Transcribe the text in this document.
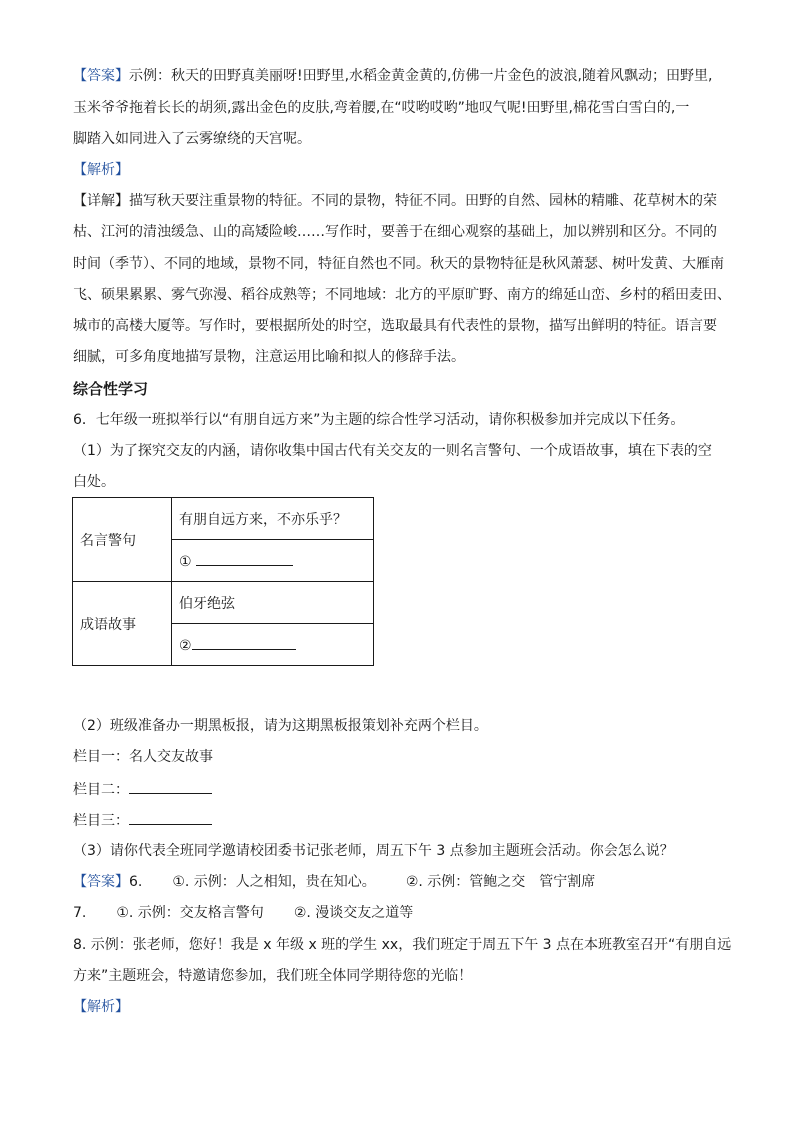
【答案】示例：秋天的田野真美丽呀!田野里,水稻金黄金黄的,仿佛一片金色的波浪,随着风飘动；田野里,
玉米爷爷拖着长长的胡须,露出金色的皮肤,弯着腰,在“哎哟哎哟”地叹气呢!田野里,棉花雪白雪白的,一
脚踏入如同进入了云雾缭绕的天宫呢。
【解析】
【详解】描写秋天要注重景物的特征。不同的景物，特征不同。田野的自然、园林的精雕、花草树木的荣
枯、江河的清浊缓急、山的高矮险峻……写作时，要善于在细心观察的基础上，加以辨别和区分。不同的
时间（季节）、不同的地域，景物不同，特征自然也不同。秋天的景物特征是秋风萧瑟、树叶发黄、大雁南
飞、硕果累累、雾气弥漫、稻谷成熟等；不同地域：北方的平原旷野、南方的绵延山峦、乡村的稻田麦田、
城市的高楼大厦等。写作时，要根据所处的时空，选取最具有代表性的景物，描写出鲜明的特征。语言要
细腻，可多角度地描写景物，注意运用比喻和拟人的修辞手法。
综合性学习
6．七年级一班拟举行以“有朋自远方来”为主题的综合性学习活动，请你积极参加并完成以下任务。
（1）为了探究交友的内涵，请你收集中国古代有关交友的一则名言警句、一个成语故事，填在下表的空
白处。
名言警句	有朋自远方来，不亦乐乎？
	①
成语故事	伯牙绝弦
	②
（2）班级准备办一期黑板报，请为这期黑板报策划补充两个栏目。
栏目一：名人交友故事
栏目二：
栏目三：
（3）请你代表全班同学邀请校团委书记张老师，周五下午 3 点参加主题班会活动。你会怎么说？
【答案】6. ①. 示例：人之相知，贵在知心。 ②. 示例：管鲍之交　管宁割席
7. ①. 示例：交友格言警句 ②. 漫谈交友之道等
8. 示例：张老师，您好！我是 x 年级 x 班的学生 xx，我们班定于周五下午 3 点在本班教室召开“有朋自远
方来”主题班会，特邀请您参加，我们班全体同学期待您的光临！
【解析】
